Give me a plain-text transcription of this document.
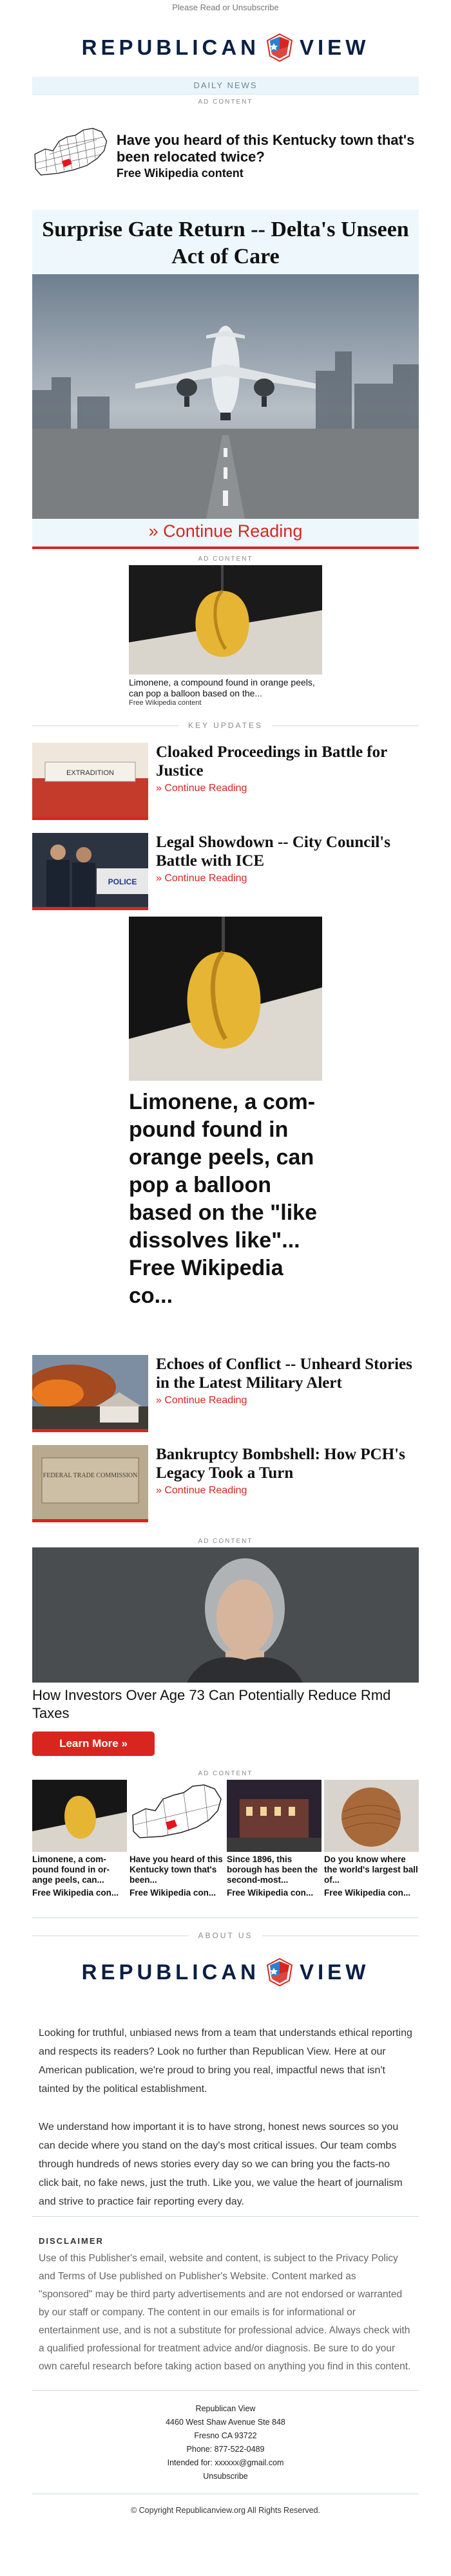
Please Read or Unsubscribe
REPUBLICAN VIEW
DAILY NEWS
AD CONTENT
Have you heard of this Kentucky town that's been relocated twice?
Free Wikipedia content
Surprise Gate Return -- Delta's Unseen Act of Care
» Continue Reading
AD CONTENT
Limonene, a compound found in orange peels, can pop a balloon based on the...
Free Wikipedia content
KEY UPDATES
EXTRADITION
Cloaked Proceedings in Battle for Justice
» Continue Reading
POLICE
Legal Showdown -- City Council's Battle with ICE
» Continue Reading
Limonene, a com- pound found in orange peels, can pop a balloon based on the "like dissolves like"... Free Wikipedia co...
Echoes of Conflict -- Unheard Stories in the Latest Military Alert
» Continue Reading
FEDERAL TRADE COMMISSION
Bankruptcy Bombshell: How PCH's Legacy Took a Turn
» Continue Reading
AD CONTENT
How Investors Over Age 73 Can Potentially Reduce Rmd Taxes
Learn More »
AD CONTENT
Limonene, a com- pound found in or- ange peels, can...
Free Wikipedia con...
Have you heard of this Kentucky town that's been...
Free Wikipedia con...
Since 1896, this borough has been the second-most...
Free Wikipedia con...
Do you know where the world's largest ball of...
Free Wikipedia con...
ABOUT US
REPUBLICAN VIEW

Looking for truthful, unbiased news from a team that understands ethical reporting and respects its readers? Look no further than Republican View. Here at our American publication, we're proud to bring you real, impactful news that isn't tainted by the political establishment.

We understand how important it is to have strong, honest news sources so you can decide where you stand on the day's most critical issues. Our team combs through hundreds of news stories every day so we can bring you the facts-no click bait, no fake news, just the truth. Like you, we value the heart of journalism and strive to practice fair reporting every day.

DISCLAIMER

Use of this Publisher's email, website and content, is subject to the Privacy Policy and Terms of Use published on Publisher's Website. Content marked as "sponsored" may be third party advertisements and are not endorsed or warranted by our staff or company. The content in our emails is for informational or entertainment use, and is not a substitute for professional advice. Always check with a qualified professional for treatment advice and/or diagnosis. Be sure to do your own careful research before taking action based on anything you find in this content.

Republican View
4460 West Shaw Avenue Ste 848
Fresno CA 93722
Phone: 877-522-0489
Intended for: xxxxxx@gmail.com
Unsubscribe
© Copyright Republicanview.org All Rights Reserved.
